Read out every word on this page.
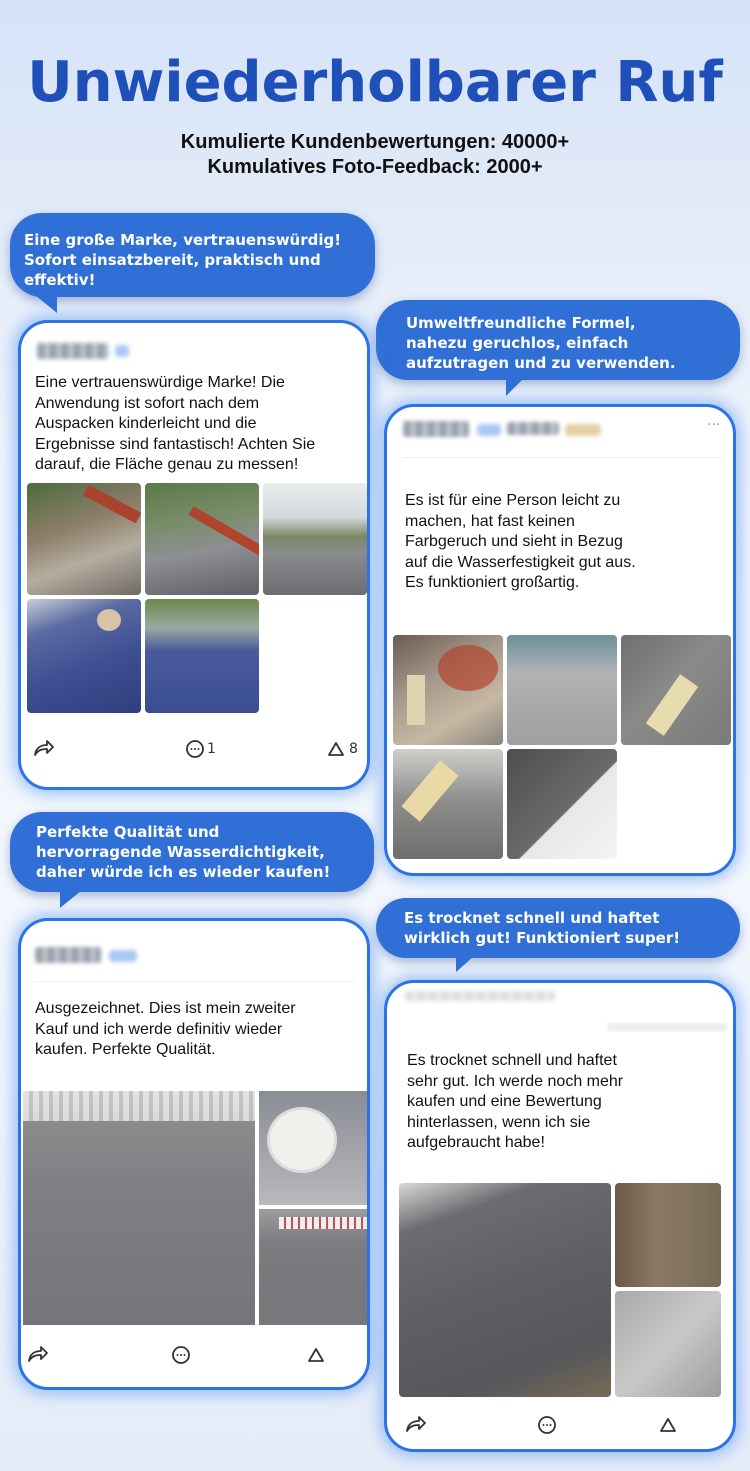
Unwiederholbarer Ruf
Kumulierte Kundenbewertungen: 40000+
Kumulatives Foto-Feedback: 2000+
Eine große Marke, vertrauenswürdig!
Sofort einsatzbereit, praktisch und
effektiv!
Umweltfreundliche Formel,
nahezu geruchlos, einfach
aufzutragen und zu verwenden.
Perfekte Qualität und
hervorragende Wasserdichtigkeit,
daher würde ich es wieder kaufen!
Es trocknet schnell und haftet
wirklich gut! Funktioniert super!
Eine vertrauenswürdige Marke! Die
Anwendung ist sofort nach dem
Auspacken kinderleicht und die
Ergebnisse sind fantastisch! Achten Sie
darauf, die Fläche genau zu messen!
1	8
···
Es ist für eine Person leicht zu
machen, hat fast keinen
Farbgeruch und sieht in Bezug
auf die Wasserfestigkeit gut aus.
Es funktioniert großartig.
Ausgezeichnet. Dies ist mein zweiter
Kauf und ich werde definitiv wieder
kaufen. Perfekte Qualität.
Es trocknet schnell und haftet
sehr gut. Ich werde noch mehr
kaufen und eine Bewertung
hinterlassen, wenn ich sie
aufgebraucht habe!
